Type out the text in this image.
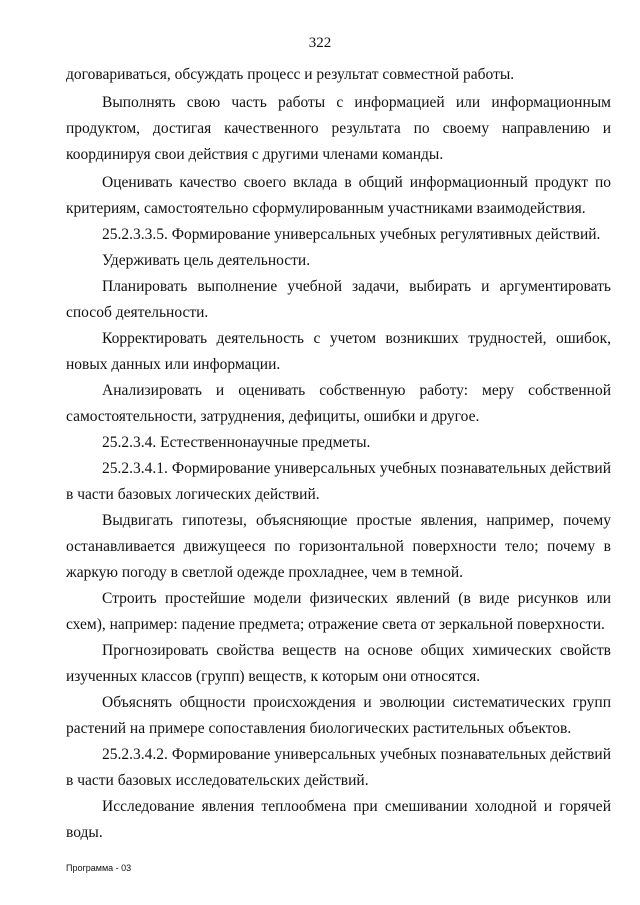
322

договариваться, обсуждать процесс и результат совместной работы.

Выполнять свою часть работы с информацией или информационным продуктом, достигая качественного результата по своему направлению и координируя свои действия с другими членами команды.

Оценивать качество своего вклада в общий информационный продукт по критериям, самостоятельно сформулированным участниками взаимодействия.

25.2.3.3.5. Формирование универсальных учебных регулятивных действий.

Удерживать цель деятельности.

Планировать выполнение учебной задачи, выбирать и аргументировать способ деятельности.

Корректировать деятельность с учетом возникших трудностей, ошибок, новых данных или информации.

Анализировать и оценивать собственную работу: меру собственной самостоятельности, затруднения, дефициты, ошибки и другое.

25.2.3.4. Естественнонаучные предметы.

25.2.3.4.1. Формирование универсальных учебных познавательных действий в части базовых логических действий.

Выдвигать гипотезы, объясняющие простые явления, например, почему останавливается движущееся по горизонтальной поверхности тело; почему в жаркую погоду в светлой одежде прохладнее, чем в темной.

Строить простейшие модели физических явлений (в виде рисунков или схем), например: падение предмета; отражение света от зеркальной поверхности.

Прогнозировать свойства веществ на основе общих химических свойств изученных классов (групп) веществ, к которым они относятся.

Объяснять общности происхождения и эволюции систематических групп растений на примере сопоставления биологических растительных объектов.

25.2.3.4.2. Формирование универсальных учебных познавательных действий в части базовых исследовательских действий.

Исследование явления теплообмена при смешивании холодной и горячей воды.

Программа - 03
